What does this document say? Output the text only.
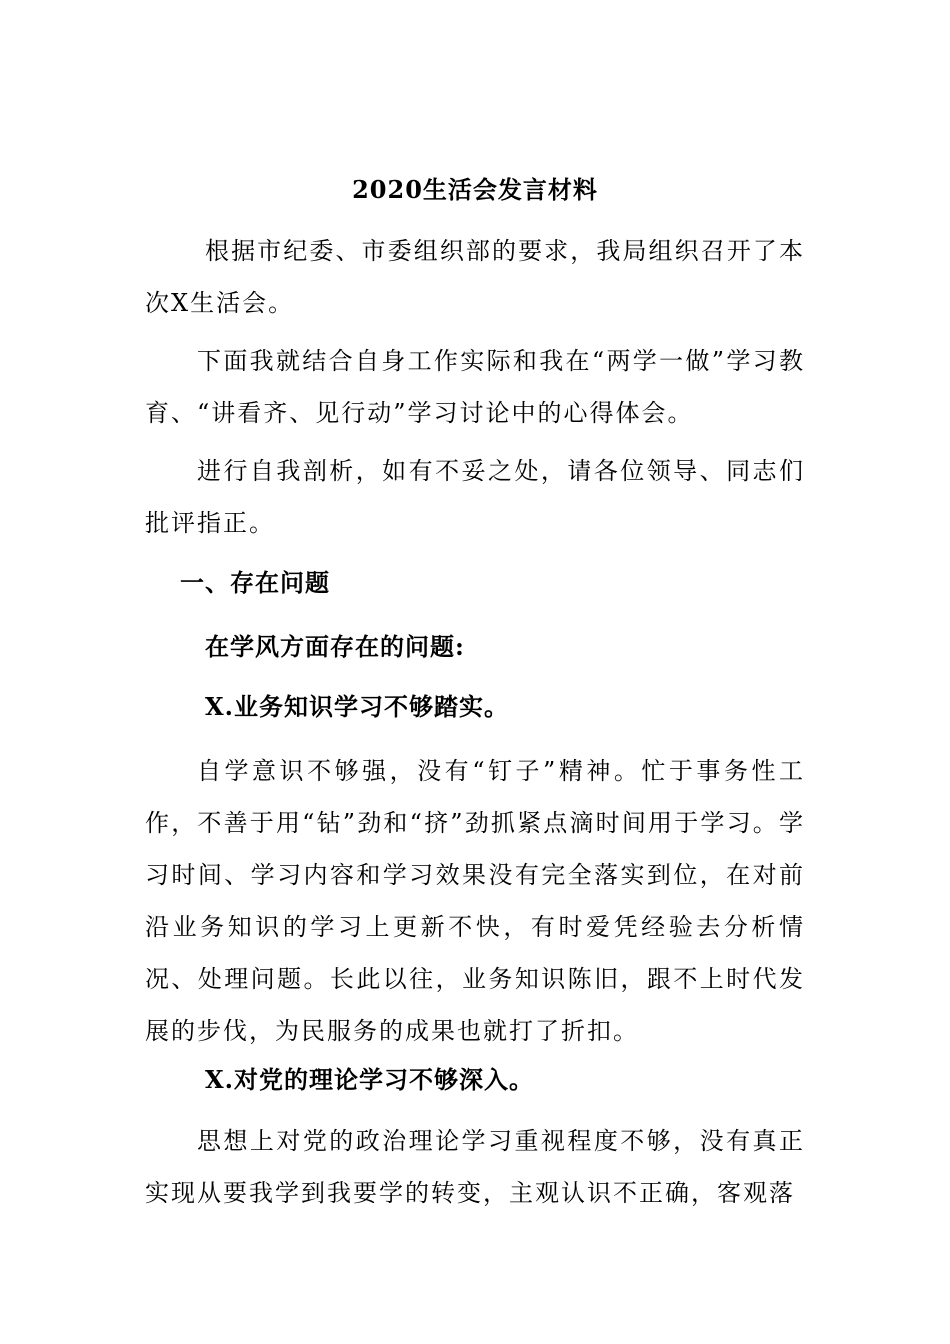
2020生活会发言材料
根据市纪委、市委组织部的要求，我局组织召开了本次X生活会。
下面我就结合自身工作实际和我在“两学一做”学习教育、“讲看齐、见行动”学习讨论中的心得体会。
进行自我剖析，如有不妥之处，请各位领导、同志们批评指正。
一、存在问题
在学风方面存在的问题:
X.业务知识学习不够踏实。
自学意识不够强，没有“钉子”精神。忙于事务性工作，不善于用“钻”劲和“挤”劲抓紧点滴时间用于学习。学习时间、学习内容和学习效果没有完全落实到位，在对前沿业务知识的学习上更新不快，有时爱凭经验去分析情况、处理问题。长此以往，业务知识陈旧，跟不上时代发展的步伐，为民服务的成果也就打了折扣。
X.对党的理论学习不够深入。
思想上对党的政治理论学习重视程度不够，没有真正实现从要我学到我要学的转变，主观认识不正确，客观落
